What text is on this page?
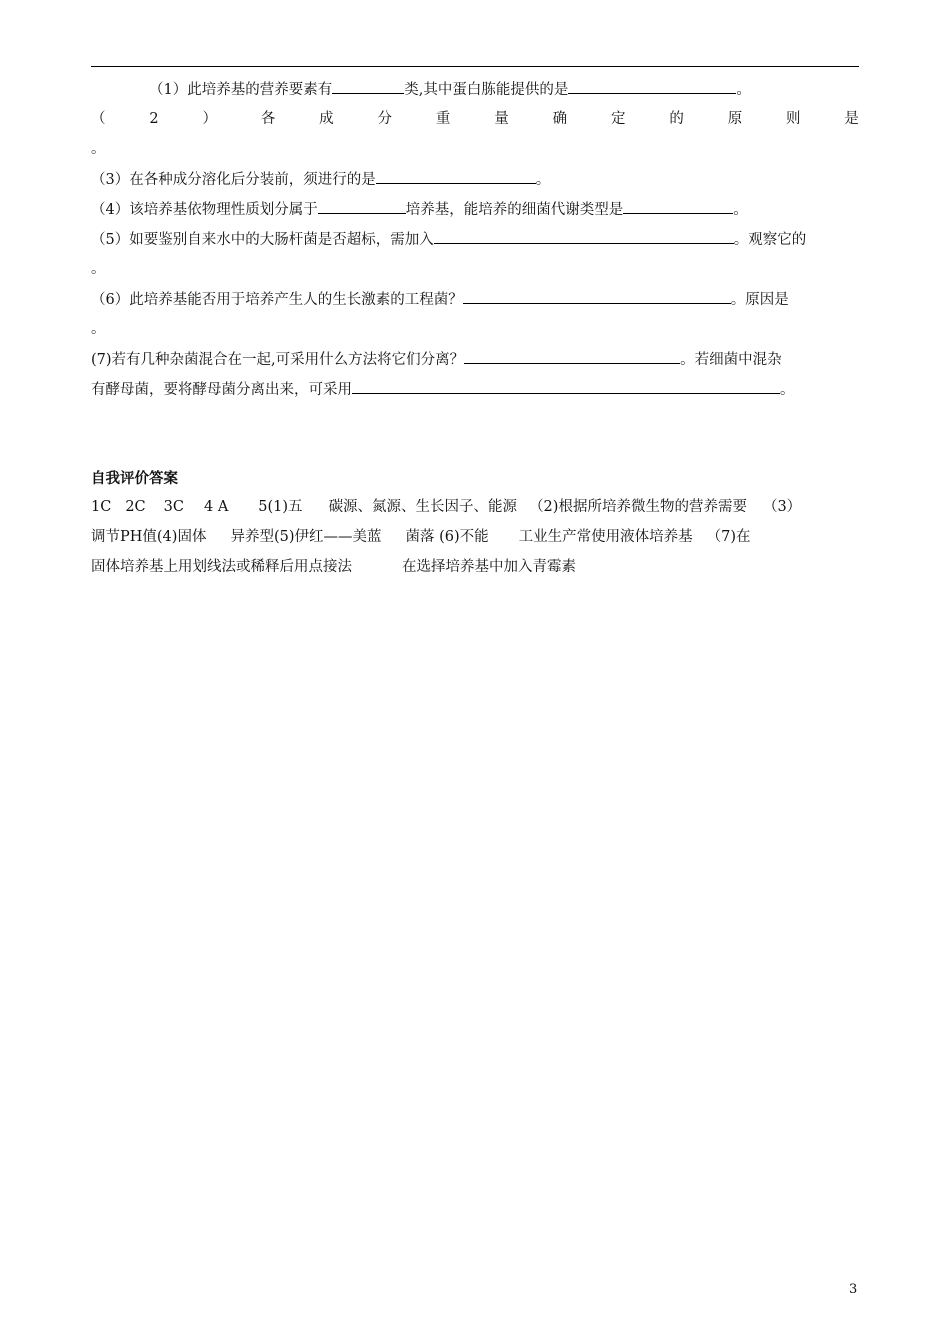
（1）此培养基的营养要素有	类,其中蛋白胨能提供的是	。
（	2	）	各	成	分	重	量	确	定	的	原	则	是
。
（3）在各种成分溶化后分装前，须进行的是	。
（4）该培养基依物理性质划分属于	培养基，能培养的细菌代谢类型是	。
（5）如要鉴别自来水中的大肠杆菌是否超标，需加入	。观察它的
。
（6）此培养基能否用于培养产生人的生长激素的工程菌？	。原因是
。
(7)若有几种杂菌混合在一起,可采用什么方法将它们分离？	。若细菌中混杂
有酵母菌，要将酵母菌分离出来，可采用	。
自我评价答案
1C 2C 3C 4 A 5(1)五 碳源、氮源、生长因子、能源 （2)根据所培养微生物的营养需要 （3）
调节PH值(4)固体 异养型(5)伊红——美蓝 菌落 (6)不能 工业生产常使用液体培养基 （7)在
固体培养基上用划线法或稀释后用点接法	在选择培养基中加入青霉素
3
